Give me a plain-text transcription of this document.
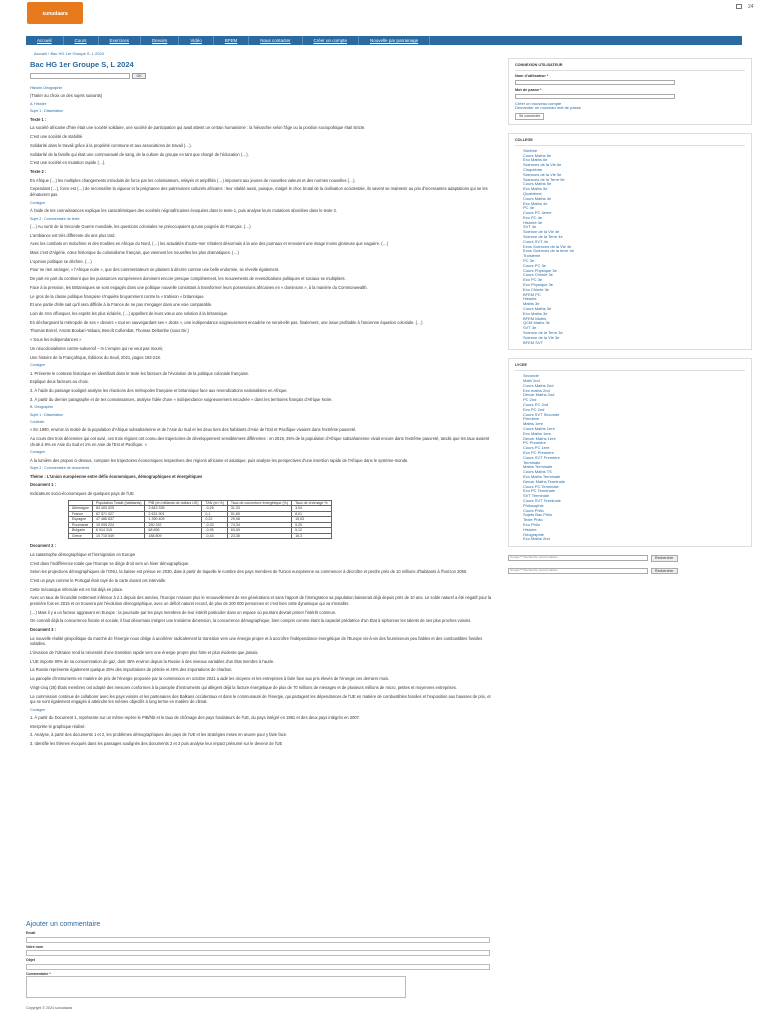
sunudaara
le site de l'éducation
24
Accueil	Cours	Exercices	Devoirs	Vidéo	BFEM	Nous contacter	Créer un compte	Nouvelle par parrainage
Accueil ‹ Bac HG 1er Groupe S. L 2024
Bac HG 1er Groupe S, L 2024
OK

Histoire-Géographie

(Traiter au choix un des sujets suivants)

A. Histoire

Sujet 1 : Dissertation

Texte 1 :

La société africaine d'hier était une société solidaire, une société de participation qui avait atteint un certain humanisme : la hiérarchie selon l'âge ou la position sociopolitique était stricte.

C'est une société de stabilité.

Solidarité dans le travail grâce à la propriété commune et aux associations de travail (…).

Solidarité de la famille qui était une communauté de sang, de la culture du groupe en tant que chargé de l'éducation (…).

C'est une société en mutation rapide (…).

Texte 2 :

En Afrique (…) les multiples changements introduits de force par les colonisateurs, relayés et amplifiés (…) imposent aux jeunes de nouvelles valeurs et des normes nouvelles (…).

Cependant (…), force est (…) de reconnaître la vigueur et la prégnance des patrimoines culturels africains : leur vitalité aussi, puisque, malgré le choc brutal de la civilisation occidentale, ils savent se maintenir au prix d'incessantes adaptations qui ne les dénaturent pas.

Consigne

À l'aide de tes connaissances explique les caractéristiques des sociétés négroafricaines évoquées dans le texte 1, puis analyse leurs mutations abordées dans le texte 2.

Sujet 2 : Commentaire de texte

(…) Au sortir de la Seconde Guerre mondiale, les questions coloniales ne préoccupaient qu'une poignée de Français. (…)

L'ambiance est très différente dix ans plus tard.

Avec les combats en Indochine et des troubles en Afrique du Nord, (…) les actualités d'outre-mer s'étalent désormais à la une des journaux et renvoient une image moins glorieuse que naguère. (…)

Mais c'est d'Algérie, cœur historique du colonialisme français, que viennent les nouvelles les plus dramatiques. (…)

L'opinion politique se déchire. (…)

Pour ne rien arranger, « l'Afrique noire », que des commentateurs se plaisent à décrire comme une belle endormie, se réveille également.

De part en part du continent que les puissances européennes dominent encore presque complètement, les mouvements de revendications politiques et sociaux se multiplient.

Face à la pression, les Britanniques se sont engagés dans une politique nouvelle consistant à transformer leurs possessions africaines en « dominions », à la manière du Commonwealth.

Le gros de la classe politique française s'inquiète bruyamment contre la « trahison » britannique.

Et une partie d'elle sait qu'il sera difficile à la France de ne pas s'engager dans une voie comparable.

Loin de s'en offusquer, les esprits les plus éclairés, (…) appellent de leurs vœux une solution à la britannique.

En déchargeant la métropole de ses « devoirs » tout en sauvegardant ses « droits », une indépendance soigneusement encadrée ne serait-elle pas, finalement, une issue profitable à l'ancienne équation coloniale. (…)

Thomas Borrel, Amzat Boukari-Yabara, Benoît Collombat, Thomas Deltombe (sous Dir.)

« Sous les indépendances »

Un néocolonialisme contre-subversif – In L'empire qui ne veut pas mourir,

Une histoire de la Françafrique, Éditions du Seuil, 2021, pages 193-218.

Consigne

1. Présente le contexte historique en identifiant dans le texte les facteurs de l'évolution de la politique coloniale française.

Explique deux facteurs au choix.

2. À l'aide du passage souligné analyse les réactions des métropoles française et britannique face aux revendications nationalistes en Afrique.

3. À partir du dernier paragraphe et de tes connaissances, analyse l'idée d'une « indépendance soigneusement encadrée » dans les territoires français d'Afrique Noire.

B. Géographie

Sujet 1 : Dissertation

Contexte

« En 1990, environ la moitié de la population d'Afrique subsaharienne et de l'Asie du Sud et les deux tiers des habitants d'Asie de l'Est et Pacifique vivaient dans l'extrême pauvreté.

Au cours des trois décennies qui ont suivi, ces trois régions ont connu des trajectoires de développement sensiblement différentes : en 2019, 35% de la population d'Afrique subsaharienne vivait encore dans l'extrême pauvreté, tandis que les taux avaient chuté à 9% en Asie du Sud et 1% en Asie de l'Est et Pacifique. »

Consigne

À la lumière des propos ci-dessus, compare les trajectoires économiques respectives des régions africaine et asiatique, puis analyse les perspectives d'une insertion rapide de l'Afrique dans le système-monde.

Sujet 2 : Commentaire de documents

Thème : L'Union européenne entre défis économiques, démographiques et énergétiques

Document 1 :

Indicateurs socio-économiques de quelques pays de l'UE

	Population Totale (habitants)	PIB (en milliards de dollars US)	TAN (en %)	Taux de couverture énergétique (%)	Taux de chômage %
Allemagne	83 400 525	3 843 335	-0,26	31,33	3,04
France	67 571 027	2 631 901	0,1	51,65	8,01
Espagne	47 486 837	1 390 409	0,22	29,08	15,53
Roumanie	19 095 224	250 332	-0,33	74,34	5,20
Bulgarie	6 914 315	68 895	-0,95	63,59	5,12
Grèce	10 715 549	188 809	-0,43	23,35	16,3

Document 2 :

La catastrophe démographique et l'immigration en Europe

C'est dans l'indifférence totale que l'Europe se dirige droit vers un hiver démographique.

Selon les projections démographiques de l'ONU, la baisse est prévue en 2030, date à partir de laquelle le nombre des pays membres de l'Union européenne va commencer à décroître et perdre près de 10 millions d'habitants à l'horizon 2050.

C'est un pays comme le Portugal était rayé de la carte durant cet intervalle.

Cette mécanique infernale est en fait déjà en place.

Avec un taux de fécondité nettement inférieur à 2.1 depuis des années, l'Europe n'assure plus le renouvellement de ses générations et sans l'apport de l'immigration sa population baisserait déjà depuis près de 10 ans. Le solde naturel a été négatif pour la première fois en 2015 et on trouvera par l'évolution démographique, avec un déficit naturel record, de plus de 200 000 personnes et c'est bien cette dynamique qui va s'installer.

(…) Mais il y a un facteur aggravant en Europe : la poursuite par les pays membres de leur intérêt particulier dans un espace où pourtant devrait primer l'intérêt commun.

On connaît déjà la concurrence fiscale et sociale, il faut désormais intégrer une troisième dimension, la concurrence démographique, bien compris comme étant la capacité prédatrice d'un État à siphonner les talents de ses plus proches voisins.

Document 3 :

La nouvelle réalité géopolitique du marché de l'énergie nous oblige à accélérer radicalement la transition vers une énergie propre et à accroître l'indépendance énergétique de l'Europe vis-à-vis des fournisseurs peu fiables et des combustibles fossiles volatiles.

L'invasion de l'Ukraine rend la nécessité d'une transition rapide vers une énergie propre plus forte et plus évidente que jamais.

L'UE importe 90% de sa consommation de gaz, dont 45% environ depuis la Russie à des niveaux variables d'un État membre à l'autre.

La Russie représente également quelque 25% des importations de pétrole et 45% des importations de charbon.

La panoplie d'instruments en matière de prix de l'énergie proposée par la commission en octobre 2021 a aidé les citoyens et les entreprises à faire face aux prix élevés de l'énergie ces derniers mois.

Vingt-cinq (25) États membres ont adopté des mesures conformes à la panoplie d'instruments qui allègent déjà la facture énergétique de plus de 70 millions de ménages et de plusieurs millions de micro, petites et moyennes entreprises.

La commission continue de collaborer avec les pays voisins et les partenaires des Balkans occidentaux et dans le communauté de l'énergie, qui partagent les dépendances de l'UE en matière de combustibles fossiles et l'exposition aux hausses de prix, et qui se sont également engagés à atteindre les mêmes objectifs à long terme en matière de climat.

Consigne

1. À partir du Document 1, représente sur un même repère le PIB/hbt et le taux de chômage des pays fondateurs de l'UE, du pays intégré en 1981 et des deux pays intégrés en 2007.

Interprète le graphique réalisé.

2. Analyse, à partir des documents 1 et 2, les problèmes démographiques des pays de l'UE et les stratégies mises en œuvre pour y faire face.

3. Identifie les thèmes évoqués dans les passages soulignés des documents 2 et 3 puis analyse leur impact présumé sur le devenir de l'UE

Ajouter un commentaire
Email
Votre nom
Objet
Commentaire *
CONNEXION UTILISATEUR
Nom d'utilisateur *
Mot de passe *
Créer un nouveau compte
Demander un nouveau mot de passe
Se connecter
COLLEGE
Sixième
Cours Maths 6e
Exo Maths 6e
Sciences de la Vie 6e
Cinquième
Sciences de la Vie 5e
Sciences de la Terre 5e
Cours Maths 5e
Exo Maths 5e
Quatrième
Cours Maths 4e
Exo Maths 4e
PC 4e
Cours PC 4eme
Exo PC 4e
Histoire 4e
SVT 4e
Science de la Vie 4e
Science de la Terre 4e
Cours SVT 4e
Exos Sciences de la Vie 4e
Exos Sciences de la terre 4e
Troisième
PC 3e
Cours PC 3e
Cours Physique 3e
Cours Chimie 3e
Exo PC 3e
Exo Physique 3e
Exo Chimie 3e
BFEM PC
Histoire
Maths 3e
Cours Maths 3e
Exo Maths 3e
BFEM Maths
QCM Maths 3e
SVT 3e
Science de la Terre 3e
Science de la Vie 3e
BFEM SVT
LYCEE
Seconde
Math 2nd
Cours Maths 2nd
Exo maths 2nd
Devoir Maths 2nd
PC 2nd
Cours PC 2nd
Exo PC 2nd
Cours SVT Seconde
Première
Maths 1ere
Cours Maths 1ere
Exo Maths 1ere
Devoir Maths 1ere
PC Première
Cours PC 1ere
Exo PC Première
Cours SVT Première
Terminale
Maths Terminale
Cours Maths TS
Exo Maths Terminale
Devoir Maths Terminale
Cours PC Terminale
Exo PC Terminale
SVT Terminale
Cours SVT Terminale
Philosophie
Cours Philo
Sujets Bac Philo
Texte Philo
Exo Philo
Histoire
Géographie
Exo Maths 2nd
Google™ Recherche personnalisée	Rechercher
Google™ Recherche personnalisée	Rechercher
Copyright © 2024 sunudaara
